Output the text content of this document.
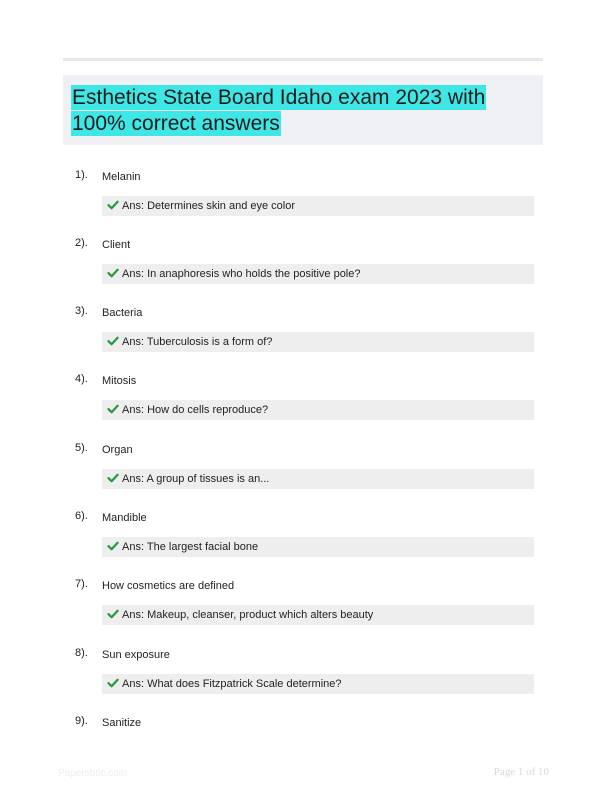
Esthetics State Board Idaho exam 2023 with 100% correct answers
1). Melanin
Ans: Determines skin and eye color
2). Client
Ans: In anaphoresis who holds the positive pole?
3). Bacteria
Ans: Tuberculosis is a form of?
4). Mitosis
Ans: How do cells reproduce?
5). Organ
Ans: A group of tissues is an...
6). Mandible
Ans: The largest facial bone
7). How cosmetics are defined
Ans: Makeup, cleanser, product which alters beauty
8). Sun exposure
Ans: What does Fitzpatrick Scale determine?
9). Sanitize
Papersbtlc.com	Page 1 of 10
